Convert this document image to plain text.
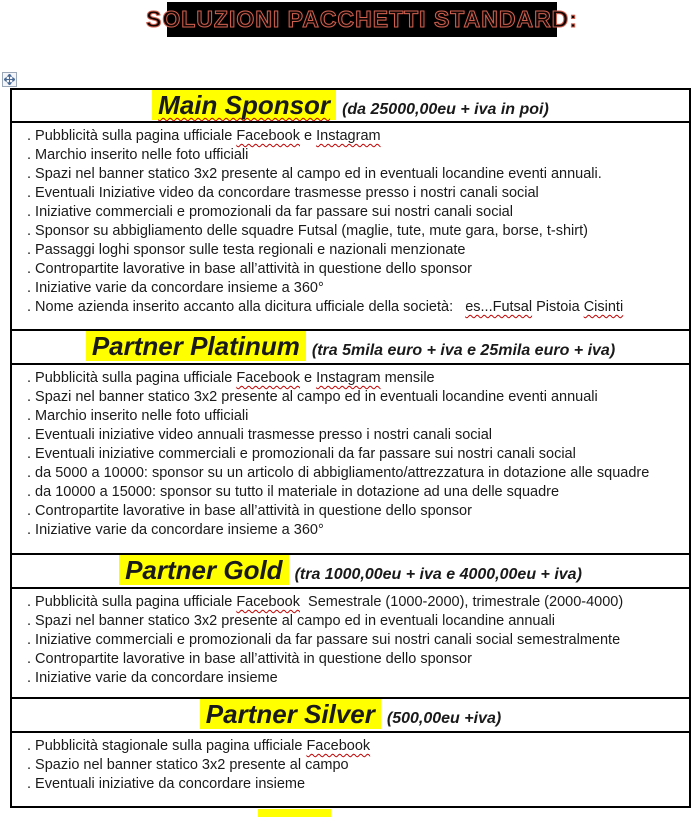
SOLUZIONI PACCHETTI STANDARD:
Main Sponsor (da 25000,00eu + iva in poi)
. Pubblicità sulla pagina ufficiale Facebook e Instagram
. Marchio inserito nelle foto ufficiali
. Spazi nel banner statico 3x2 presente al campo ed in eventuali locandine eventi annuali.
. Eventuali Iniziative video da concordare trasmesse presso i nostri canali social
. Iniziative commerciali e promozionali da far passare sui nostri canali social
. Sponsor su abbigliamento delle squadre Futsal (maglie, tute, mute gara, borse, t-shirt)
. Passaggi loghi sponsor sulle testa regionali e nazionali menzionate
. Contropartite lavorative in base all’attività in questione dello sponsor
. Iniziative varie da concordare insieme a 360°
. Nome azienda inserito accanto alla dicitura ufficiale della società:   es...Futsal Pistoia Cisinti
Partner Platinum (tra 5mila euro + iva e 25mila euro + iva)
. Pubblicità sulla pagina ufficiale Facebook e Instagram mensile
. Spazi nel banner statico 3x2 presente al campo ed in eventuali locandine eventi annuali
. Marchio inserito nelle foto ufficiali
. Eventuali iniziative video annuali trasmesse presso i nostri canali social
. Eventuali iniziative commerciali e promozionali da far passare sui nostri canali social
. da 5000 a 10000: sponsor su un articolo di abbigliamento/attrezzatura in dotazione alle squadre
. da 10000 a 15000: sponsor su tutto il materiale in dotazione ad una delle squadre
. Contropartite lavorative in base all’attività in questione dello sponsor
. Iniziative varie da concordare insieme a 360°
Partner Gold (tra 1000,00eu + iva e 4000,00eu + iva)
. Pubblicità sulla pagina ufficiale Facebook  Semestrale (1000-2000), trimestrale (2000-4000)
. Spazi nel banner statico 3x2 presente al campo ed in eventuali locandine annuali
. Iniziative commerciali e promozionali da far passare sui nostri canali social semestralmente
. Contropartite lavorative in base all’attività in questione dello sponsor
. Iniziative varie da concordare insieme
Partner Silver (500,00eu +iva)
. Pubblicità stagionale sulla pagina ufficiale Facebook
. Spazio nel banner statico 3x2 presente al campo
. Eventuali iniziative da concordare insieme
